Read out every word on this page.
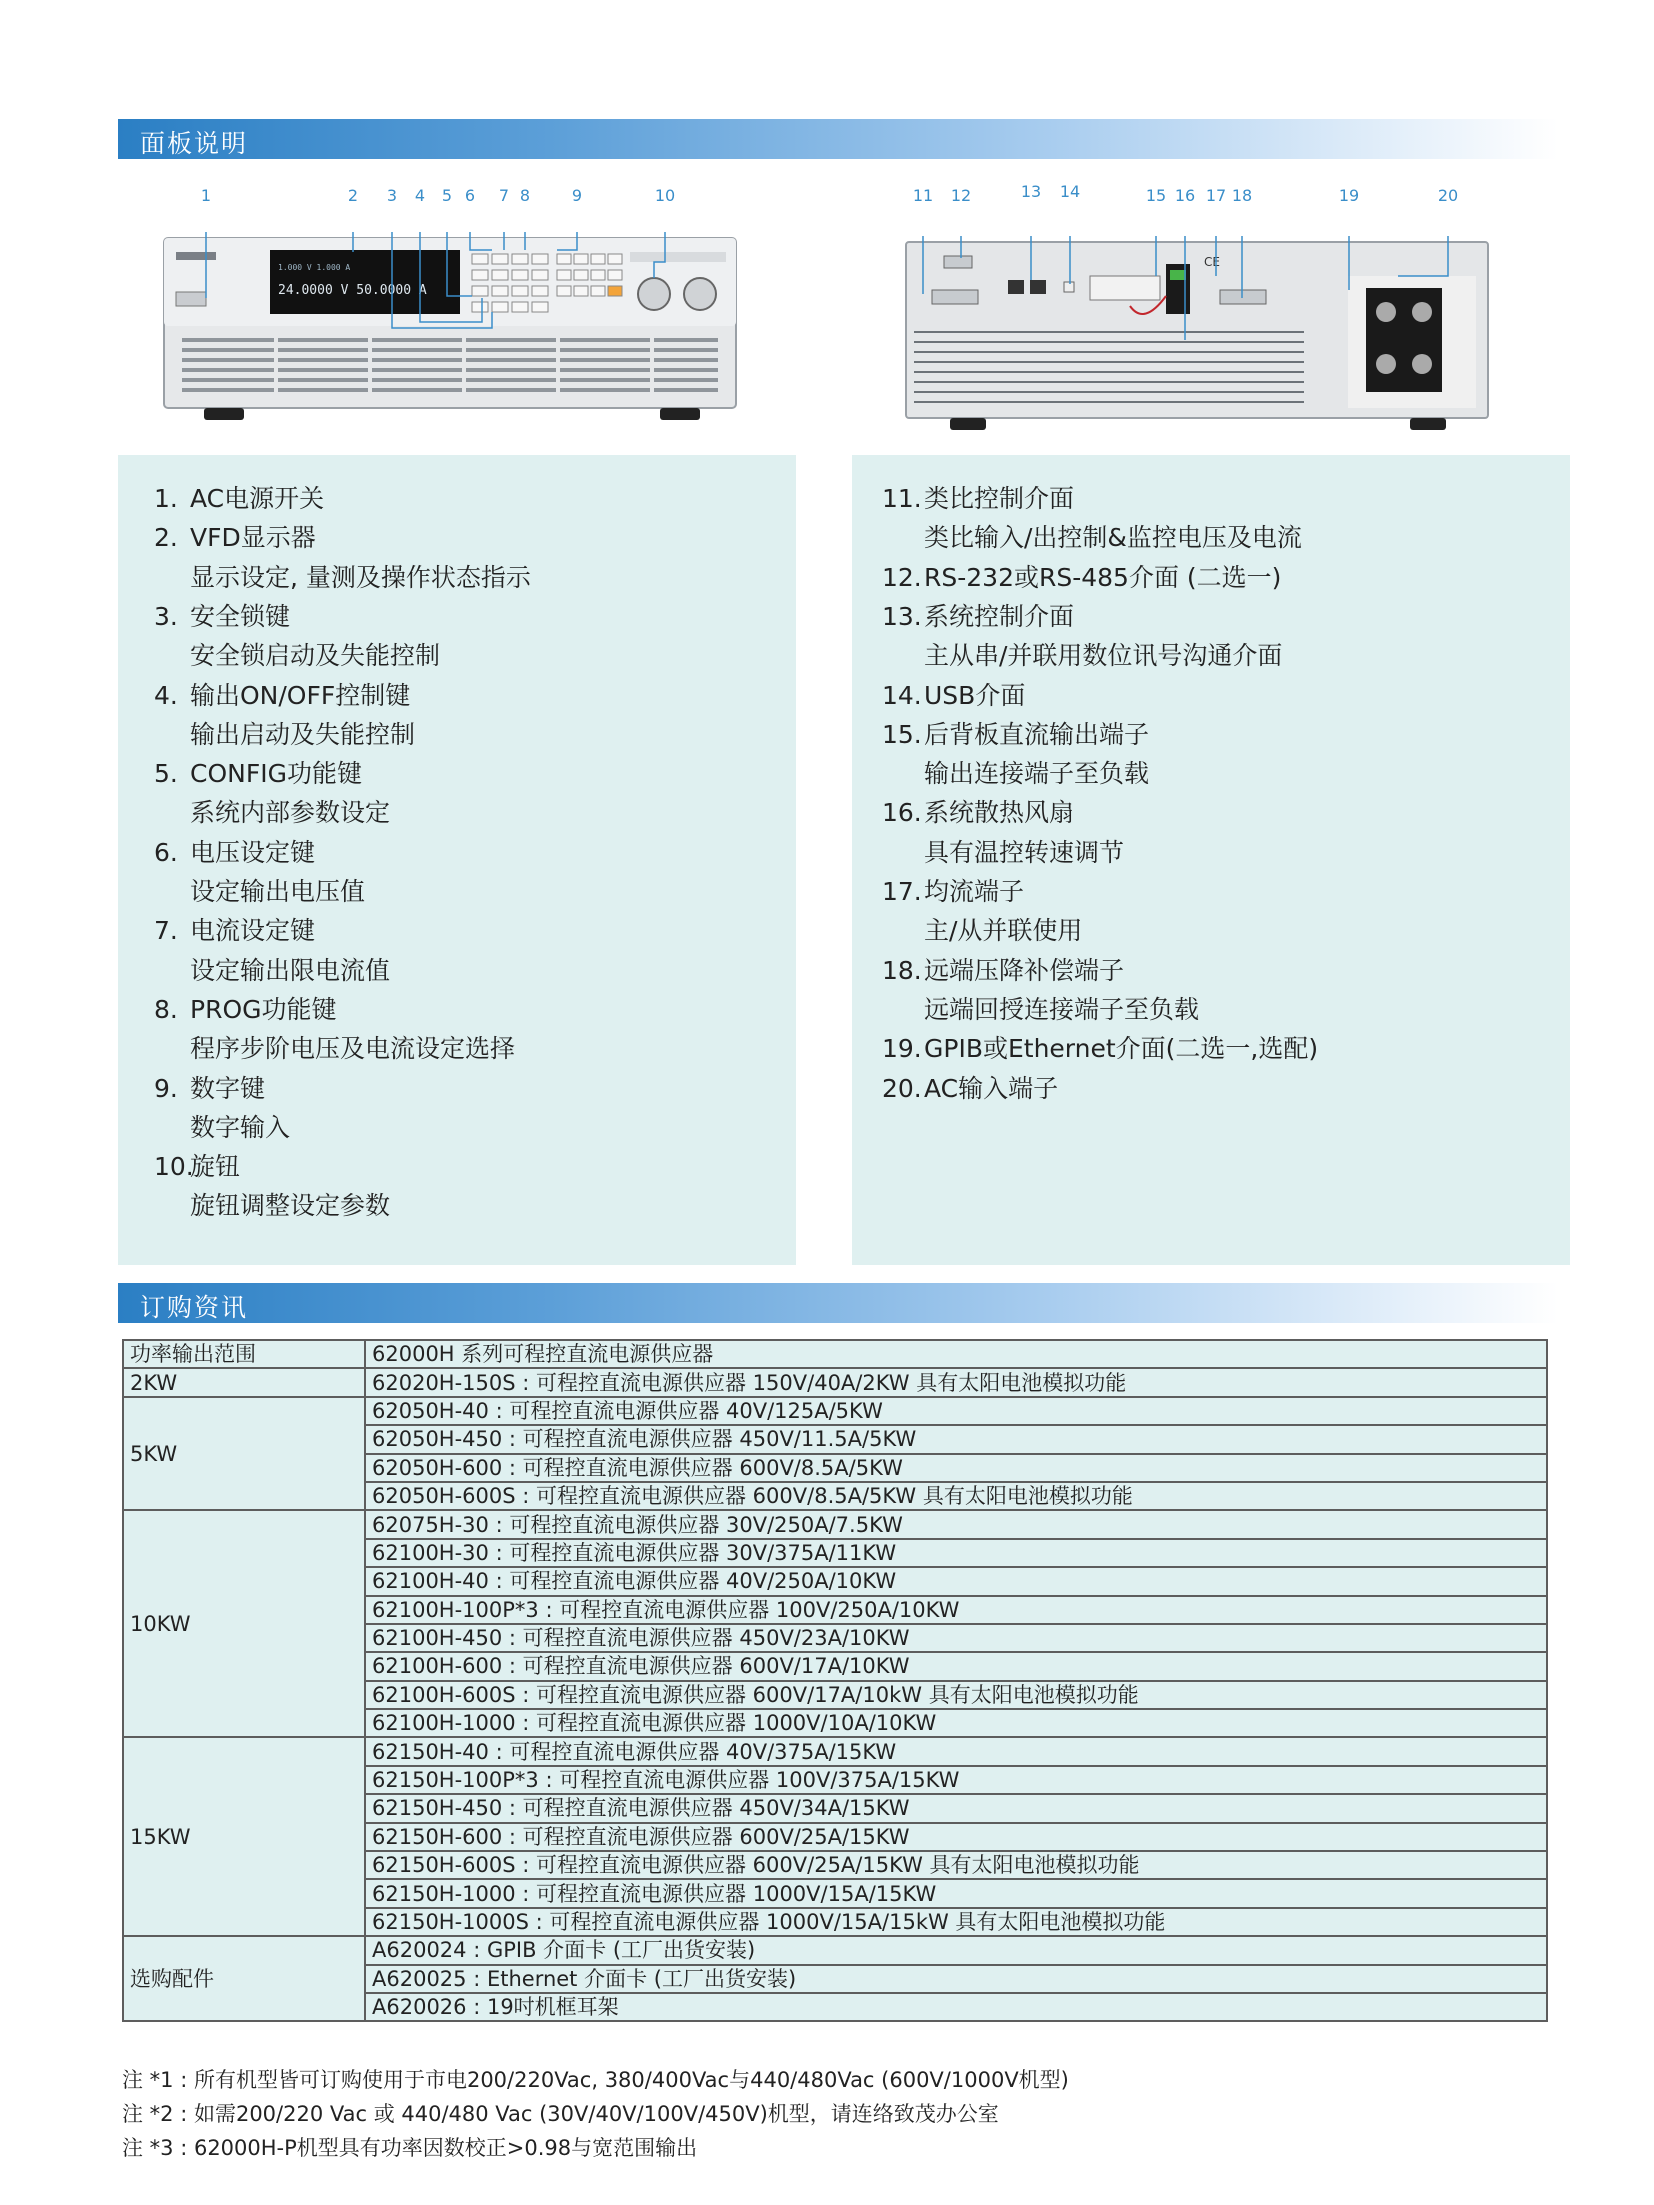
面板说明
1	2 3 4 5 6 7 8	9	10
1.000 V 1.000 A
24.0000 V 50.0000 A
11 12	13 14	15 16 17 18	19	20
CE
1. AC电源开关
2. VFD显示器
显示设定, 量测及操作状态指示
3. 安全锁键
安全锁启动及失能控制
4. 输出ON/OFF控制键
输出启动及失能控制
5. CONFIG功能键
系统内部参数设定
6. 电压设定键
设定输出电压值
7. 电流设定键
设定输出限电流值
8. PROG功能键
程序步阶电压及电流设定选择
9. 数字键
数字输入
10.旋钮
旋钮调整设定参数
11.类比控制介面
类比输入/出控制&监控电压及电流
12.RS-232或RS-485介面 (二选一)
13.系统控制介面
主从串/并联用数位讯号沟通介面
14.USB介面
15.后背板直流输出端子
输出连接端子至负载
16.系统散热风扇
具有温控转速调节
17.均流端子
主/从并联使用
18.远端压降补偿端子
远端回授连接端子至负载
19.GPIB或Ethernet介面(二选一,选配)
20.AC输入端子
订购资讯
功率输出范围	62000H 系列可程控直流电源供应器
2KW	62020H-150S : 可程控直流电源供应器 150V/40A/2KW 具有太阳电池模拟功能
5KW	62050H-40 : 可程控直流电源供应器 40V/125A/5KW
	62050H-450 : 可程控直流电源供应器 450V/11.5A/5KW
	62050H-600 : 可程控直流电源供应器 600V/8.5A/5KW
	62050H-600S : 可程控直流电源供应器 600V/8.5A/5KW 具有太阳电池模拟功能
10KW	62075H-30 : 可程控直流电源供应器 30V/250A/7.5KW
	62100H-30 : 可程控直流电源供应器 30V/375A/11KW
	62100H-40 : 可程控直流电源供应器 40V/250A/10KW
	62100H-100P*3 : 可程控直流电源供应器 100V/250A/10KW
	62100H-450 : 可程控直流电源供应器 450V/23A/10KW
	62100H-600 : 可程控直流电源供应器 600V/17A/10KW
	62100H-600S : 可程控直流电源供应器 600V/17A/10kW 具有太阳电池模拟功能
	62100H-1000 : 可程控直流电源供应器 1000V/10A/10KW
15KW	62150H-40 : 可程控直流电源供应器 40V/375A/15KW
	62150H-100P*3 : 可程控直流电源供应器 100V/375A/15KW
	62150H-450 : 可程控直流电源供应器 450V/34A/15KW
	62150H-600 : 可程控直流电源供应器 600V/25A/15KW
	62150H-600S : 可程控直流电源供应器 600V/25A/15KW 具有太阳电池模拟功能
	62150H-1000 : 可程控直流电源供应器 1000V/15A/15KW
	62150H-1000S : 可程控直流电源供应器 1000V/15A/15kW 具有太阳电池模拟功能
选购配件	A620024 : GPIB 介面卡 (工厂出货安装)
	A620025 : Ethernet 介面卡 (工厂出货安装)
	A620026 : 19吋机框耳架
注 *1 : 所有机型皆可订购使用于市电200/220Vac, 380/400Vac与440/480Vac (600V/1000V机型)
注 *2 : 如需200/220 Vac 或 440/480 Vac (30V/40V/100V/450V)机型，请连络致茂办公室
注 *3 : 62000H-P机型具有功率因数校正>0.98与宽范围输出
